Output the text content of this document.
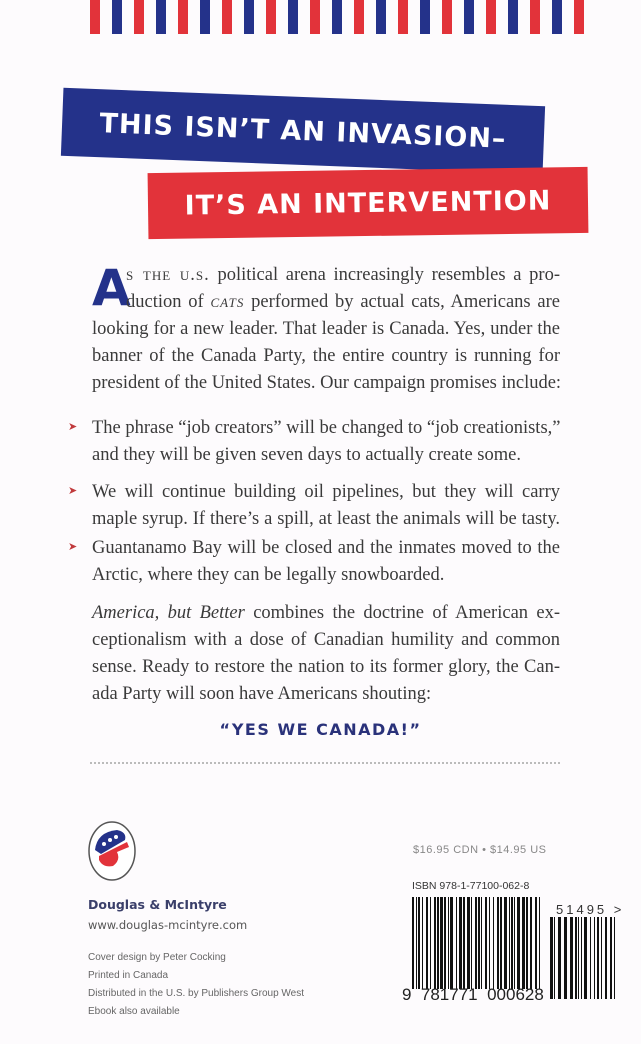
THIS ISN’T AN INVASION–
IT’S AN INTERVENTION
A
s the u.s. political arena increasingly resembles a pro-
duction of cats performed by actual cats, Americans are
looking for a new leader. That leader is Canada. Yes, under the
banner of the Canada Party, the entire country is running for
president of the United States. Our campaign promises include:
➤ The phrase “job creators” will be changed to “job creationists,”
and they will be given seven days to actually create some.
➤ We will continue building oil pipelines, but they will carry
maple syrup. If there’s a spill, at least the animals will be tasty.
➤ Guantanamo Bay will be closed and the inmates moved to the
Arctic, where they can be legally snowboarded.
America, but Better combines the doctrine of American ex-
ceptionalism with a dose of Canadian humility and common
sense. Ready to restore the nation to its former glory, the Can-
ada Party will soon have Americans shouting:
“YES WE CANADA!”
Douglas & McIntyre
www.douglas-mcintyre.com
Cover design by Peter Cocking
Printed in Canada
Distributed in the U.S. by Publishers Group West
Ebook also available
$16.95 CDN • $14.95 US
ISBN 978-1-77100-062-8
51495 >
9  781771  000628
